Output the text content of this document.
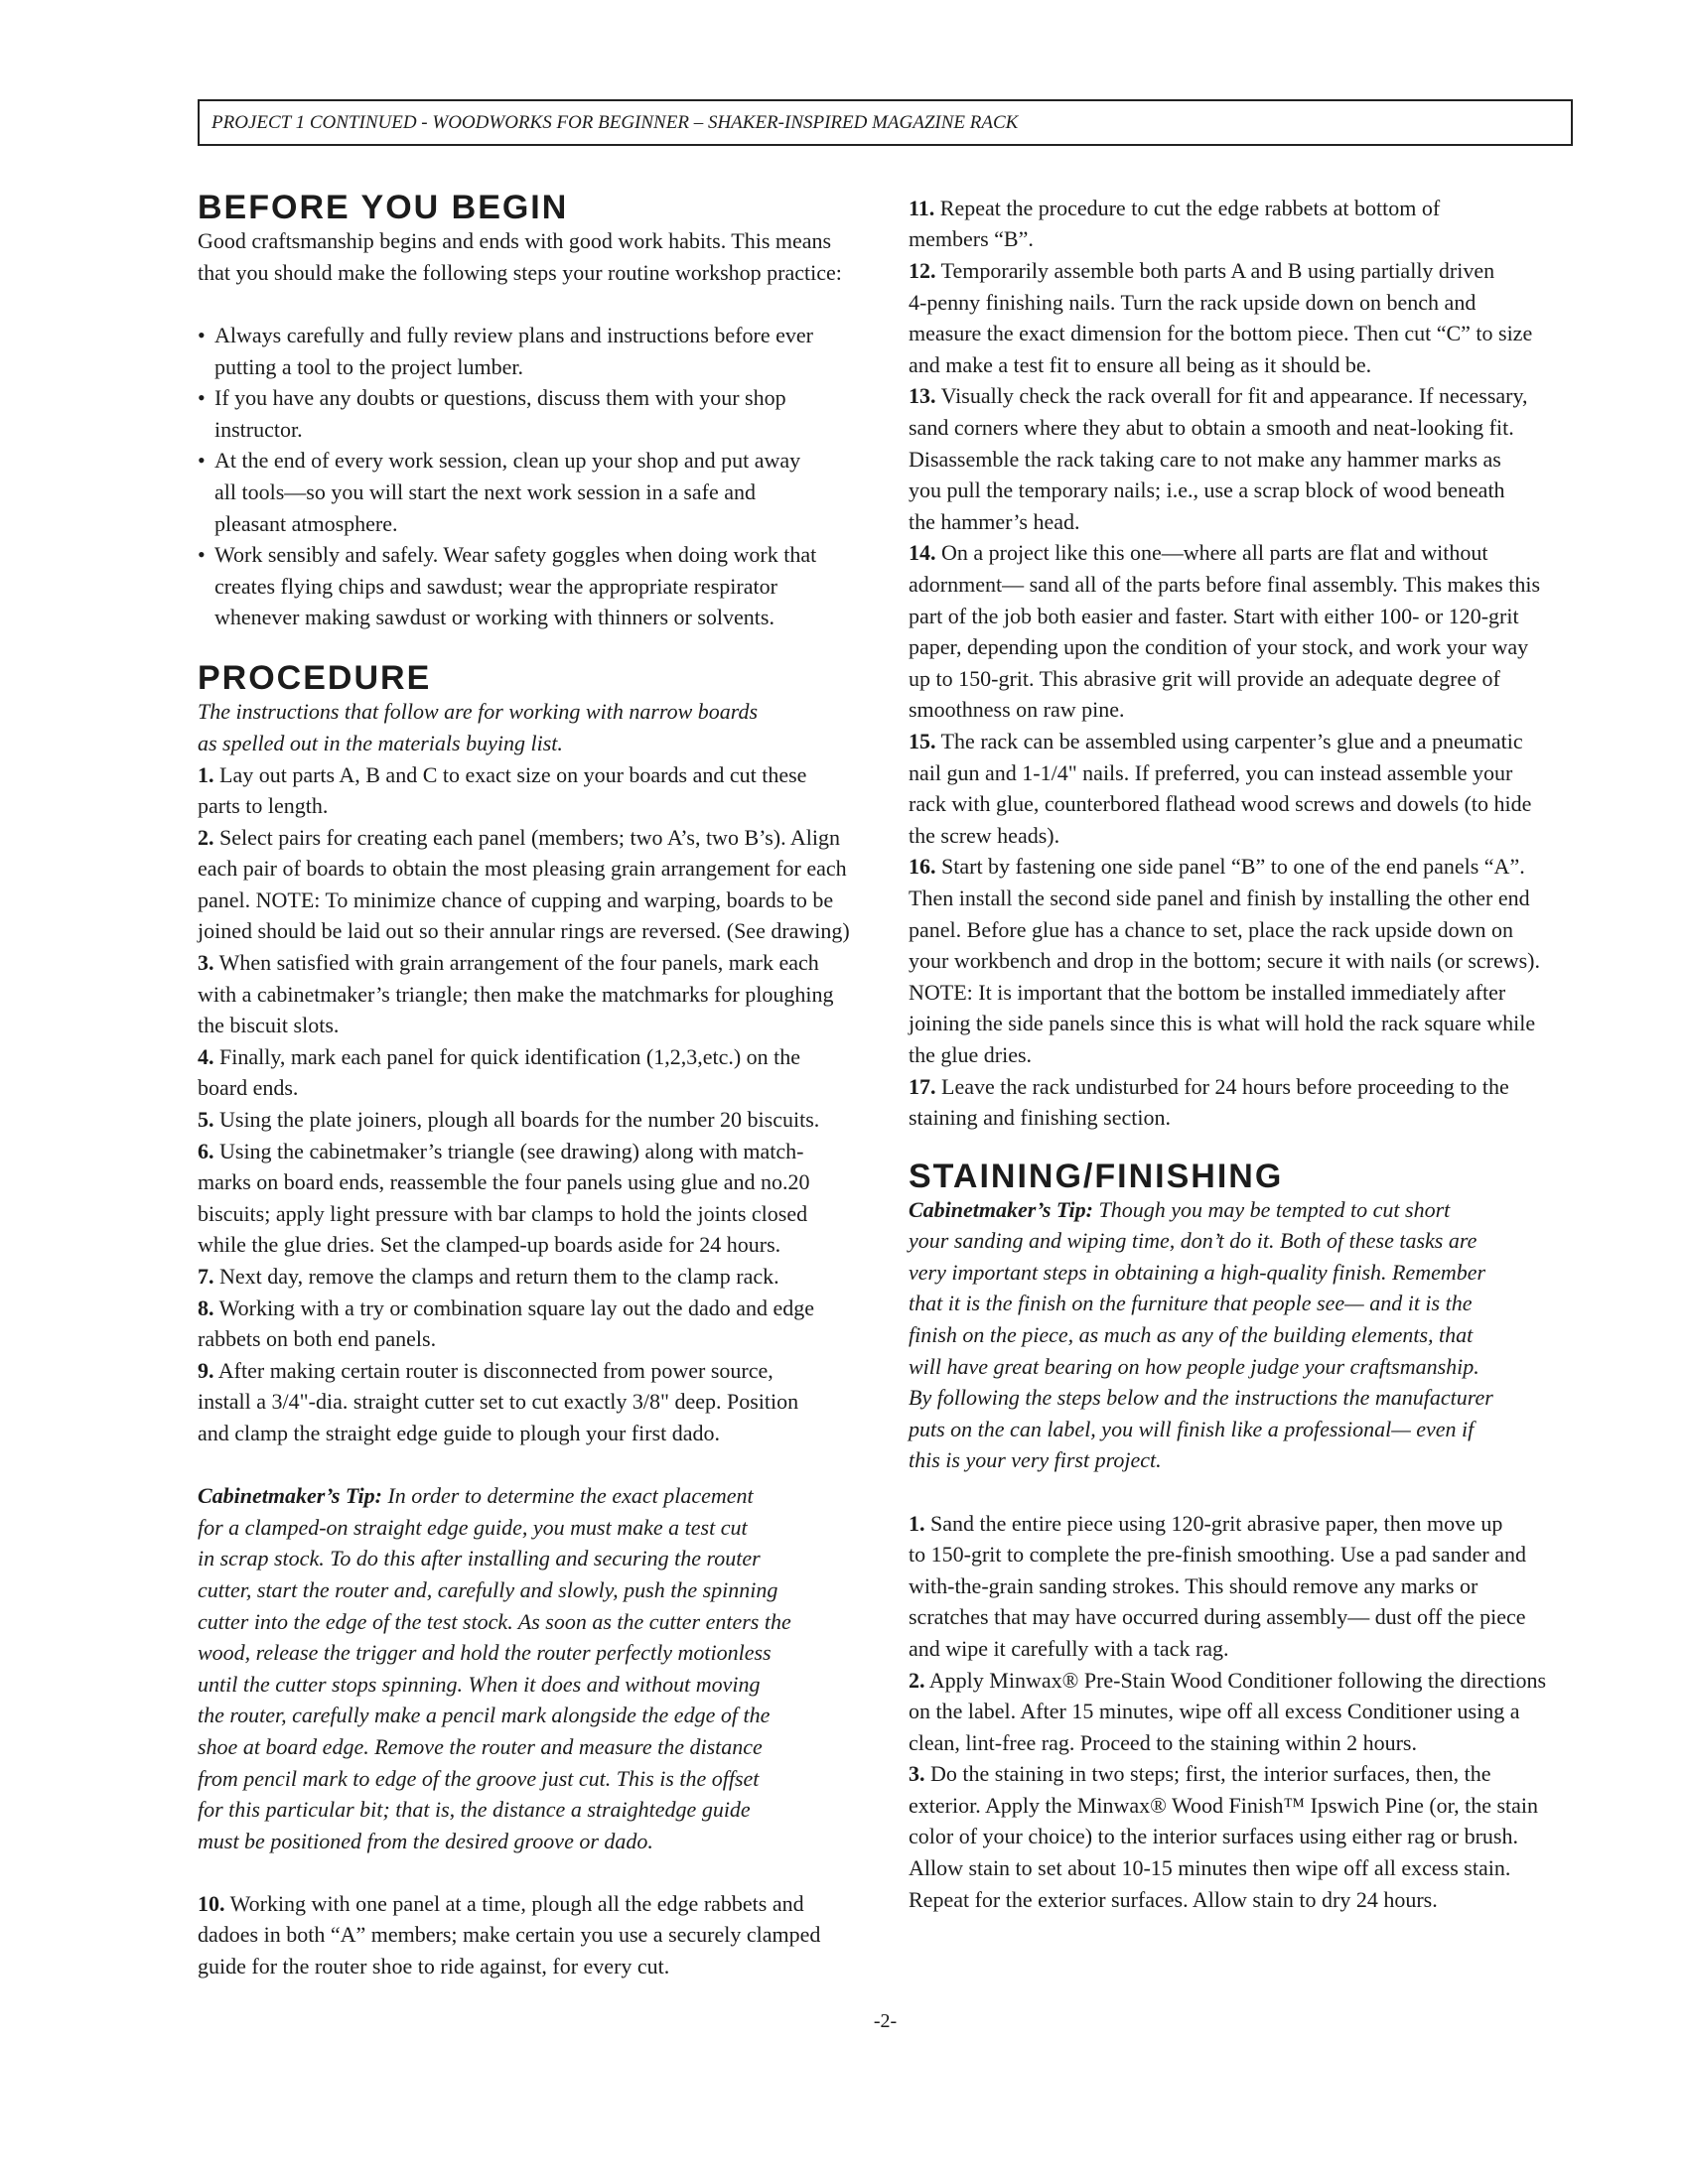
PROJECT 1 CONTINUED - WOODWORKS FOR BEGINNER – SHAKER-INSPIRED MAGAZINE RACK
BEFORE YOU BEGIN

Good craftsmanship begins and ends with good work habits. This means
that you should make the following steps your routine workshop practice:

• Always carefully and fully review plans and instructions before ever
putting a tool to the project lumber.
• If you have any doubts or questions, discuss them with your shop
instructor.
• At the end of every work session, clean up your shop and put away
all tools—so you will start the next work session in a safe and
pleasant atmosphere.
• Work sensibly and safely. Wear safety goggles when doing work that
creates flying chips and sawdust; wear the appropriate respirator
whenever making sawdust or working with thinners or solvents.
PROCEDURE

The instructions that follow are for working with narrow boards
as spelled out in the materials buying list.

1. Lay out parts A, B and C to exact size on your boards and cut these
parts to length.

2. Select pairs for creating each panel (members; two A’s, two B’s). Align
each pair of boards to obtain the most pleasing grain arrangement for each
panel. NOTE: To minimize chance of cupping and warping, boards to be
joined should be laid out so their annular rings are reversed. (See drawing)

3. When satisfied with grain arrangement of the four panels, mark each
with a cabinetmaker’s triangle; then make the matchmarks for ploughing
the biscuit slots.

4. Finally, mark each panel for quick identification (1,2,3,etc.) on the
board ends.

5. Using the plate joiners, plough all boards for the number 20 biscuits.

6. Using the cabinetmaker’s triangle (see drawing) along with match-
marks on board ends, reassemble the four panels using glue and no.20
biscuits; apply light pressure with bar clamps to hold the joints closed
while the glue dries. Set the clamped-up boards aside for 24 hours.

7. Next day, remove the clamps and return them to the clamp rack.

8. Working with a try or combination square lay out the dado and edge
rabbets on both end panels.

9. After making certain router is disconnected from power source,
install a 3/4"-dia. straight cutter set to cut exactly 3/8" deep. Position
and clamp the straight edge guide to plough your first dado.

Cabinetmaker’s Tip: In order to determine the exact placement
for a clamped-on straight edge guide, you must make a test cut
in scrap stock. To do this after installing and securing the router
cutter, start the router and, carefully and slowly, push the spinning
cutter into the edge of the test stock. As soon as the cutter enters the
wood, release the trigger and hold the router perfectly motionless
until the cutter stops spinning. When it does and without moving
the router, carefully make a pencil mark alongside the edge of the
shoe at board edge. Remove the router and measure the distance
from pencil mark to edge of the groove just cut. This is the offset
for this particular bit; that is, the distance a straightedge guide
must be positioned from the desired groove or dado.

10. Working with one panel at a time, plough all the edge rabbets and
dadoes in both “A” members; make certain you use a securely clamped
guide for the router shoe to ride against, for every cut.

11. Repeat the procedure to cut the edge rabbets at bottom of
members “B”.

12. Temporarily assemble both parts A and B using partially driven
4-penny finishing nails. Turn the rack upside down on bench and
measure the exact dimension for the bottom piece. Then cut “C” to size
and make a test fit to ensure all being as it should be.

13. Visually check the rack overall for fit and appearance. If necessary,
sand corners where they abut to obtain a smooth and neat-looking fit.
Disassemble the rack taking care to not make any hammer marks as
you pull the temporary nails; i.e., use a scrap block of wood beneath
the hammer’s head.

14. On a project like this one—where all parts are flat and without
adornment— sand all of the parts before final assembly. This makes this
part of the job both easier and faster. Start with either 100- or 120-grit
paper, depending upon the condition of your stock, and work your way
up to 150-grit. This abrasive grit will provide an adequate degree of
smoothness on raw pine.

15. The rack can be assembled using carpenter’s glue and a pneumatic
nail gun and 1-1/4" nails. If preferred, you can instead assemble your
rack with glue, counterbored flathead wood screws and dowels (to hide
the screw heads).

16. Start by fastening one side panel “B” to one of the end panels “A”.
Then install the second side panel and finish by installing the other end
panel. Before glue has a chance to set, place the rack upside down on
your workbench and drop in the bottom; secure it with nails (or screws).
NOTE: It is important that the bottom be installed immediately after
joining the side panels since this is what will hold the rack square while
the glue dries.

17. Leave the rack undisturbed for 24 hours before proceeding to the
staining and finishing section.

STAINING/FINISHING

Cabinetmaker’s Tip: Though you may be tempted to cut short
your sanding and wiping time, don’t do it. Both of these tasks are
very important steps in obtaining a high-quality finish. Remember
that it is the finish on the furniture that people see— and it is the
finish on the piece, as much as any of the building elements, that
will have great bearing on how people judge your craftsmanship.
By following the steps below and the instructions the manufacturer
puts on the can label, you will finish like a professional— even if
this is your very first project.

1. Sand the entire piece using 120-grit abrasive paper, then move up
to 150-grit to complete the pre-finish smoothing. Use a pad sander and
with-the-grain sanding strokes. This should remove any marks or
scratches that may have occurred during assembly— dust off the piece
and wipe it carefully with a tack rag.

2. Apply Minwax® Pre-Stain Wood Conditioner following the directions
on the label. After 15 minutes, wipe off all excess Conditioner using a
clean, lint-free rag. Proceed to the staining within 2 hours.

3. Do the staining in two steps; first, the interior surfaces, then, the
exterior. Apply the Minwax® Wood Finish™ Ipswich Pine (or, the stain
color of your choice) to the interior surfaces using either rag or brush.
Allow stain to set about 10-15 minutes then wipe off all excess stain.
Repeat for the exterior surfaces. Allow stain to dry 24 hours.

-2-
